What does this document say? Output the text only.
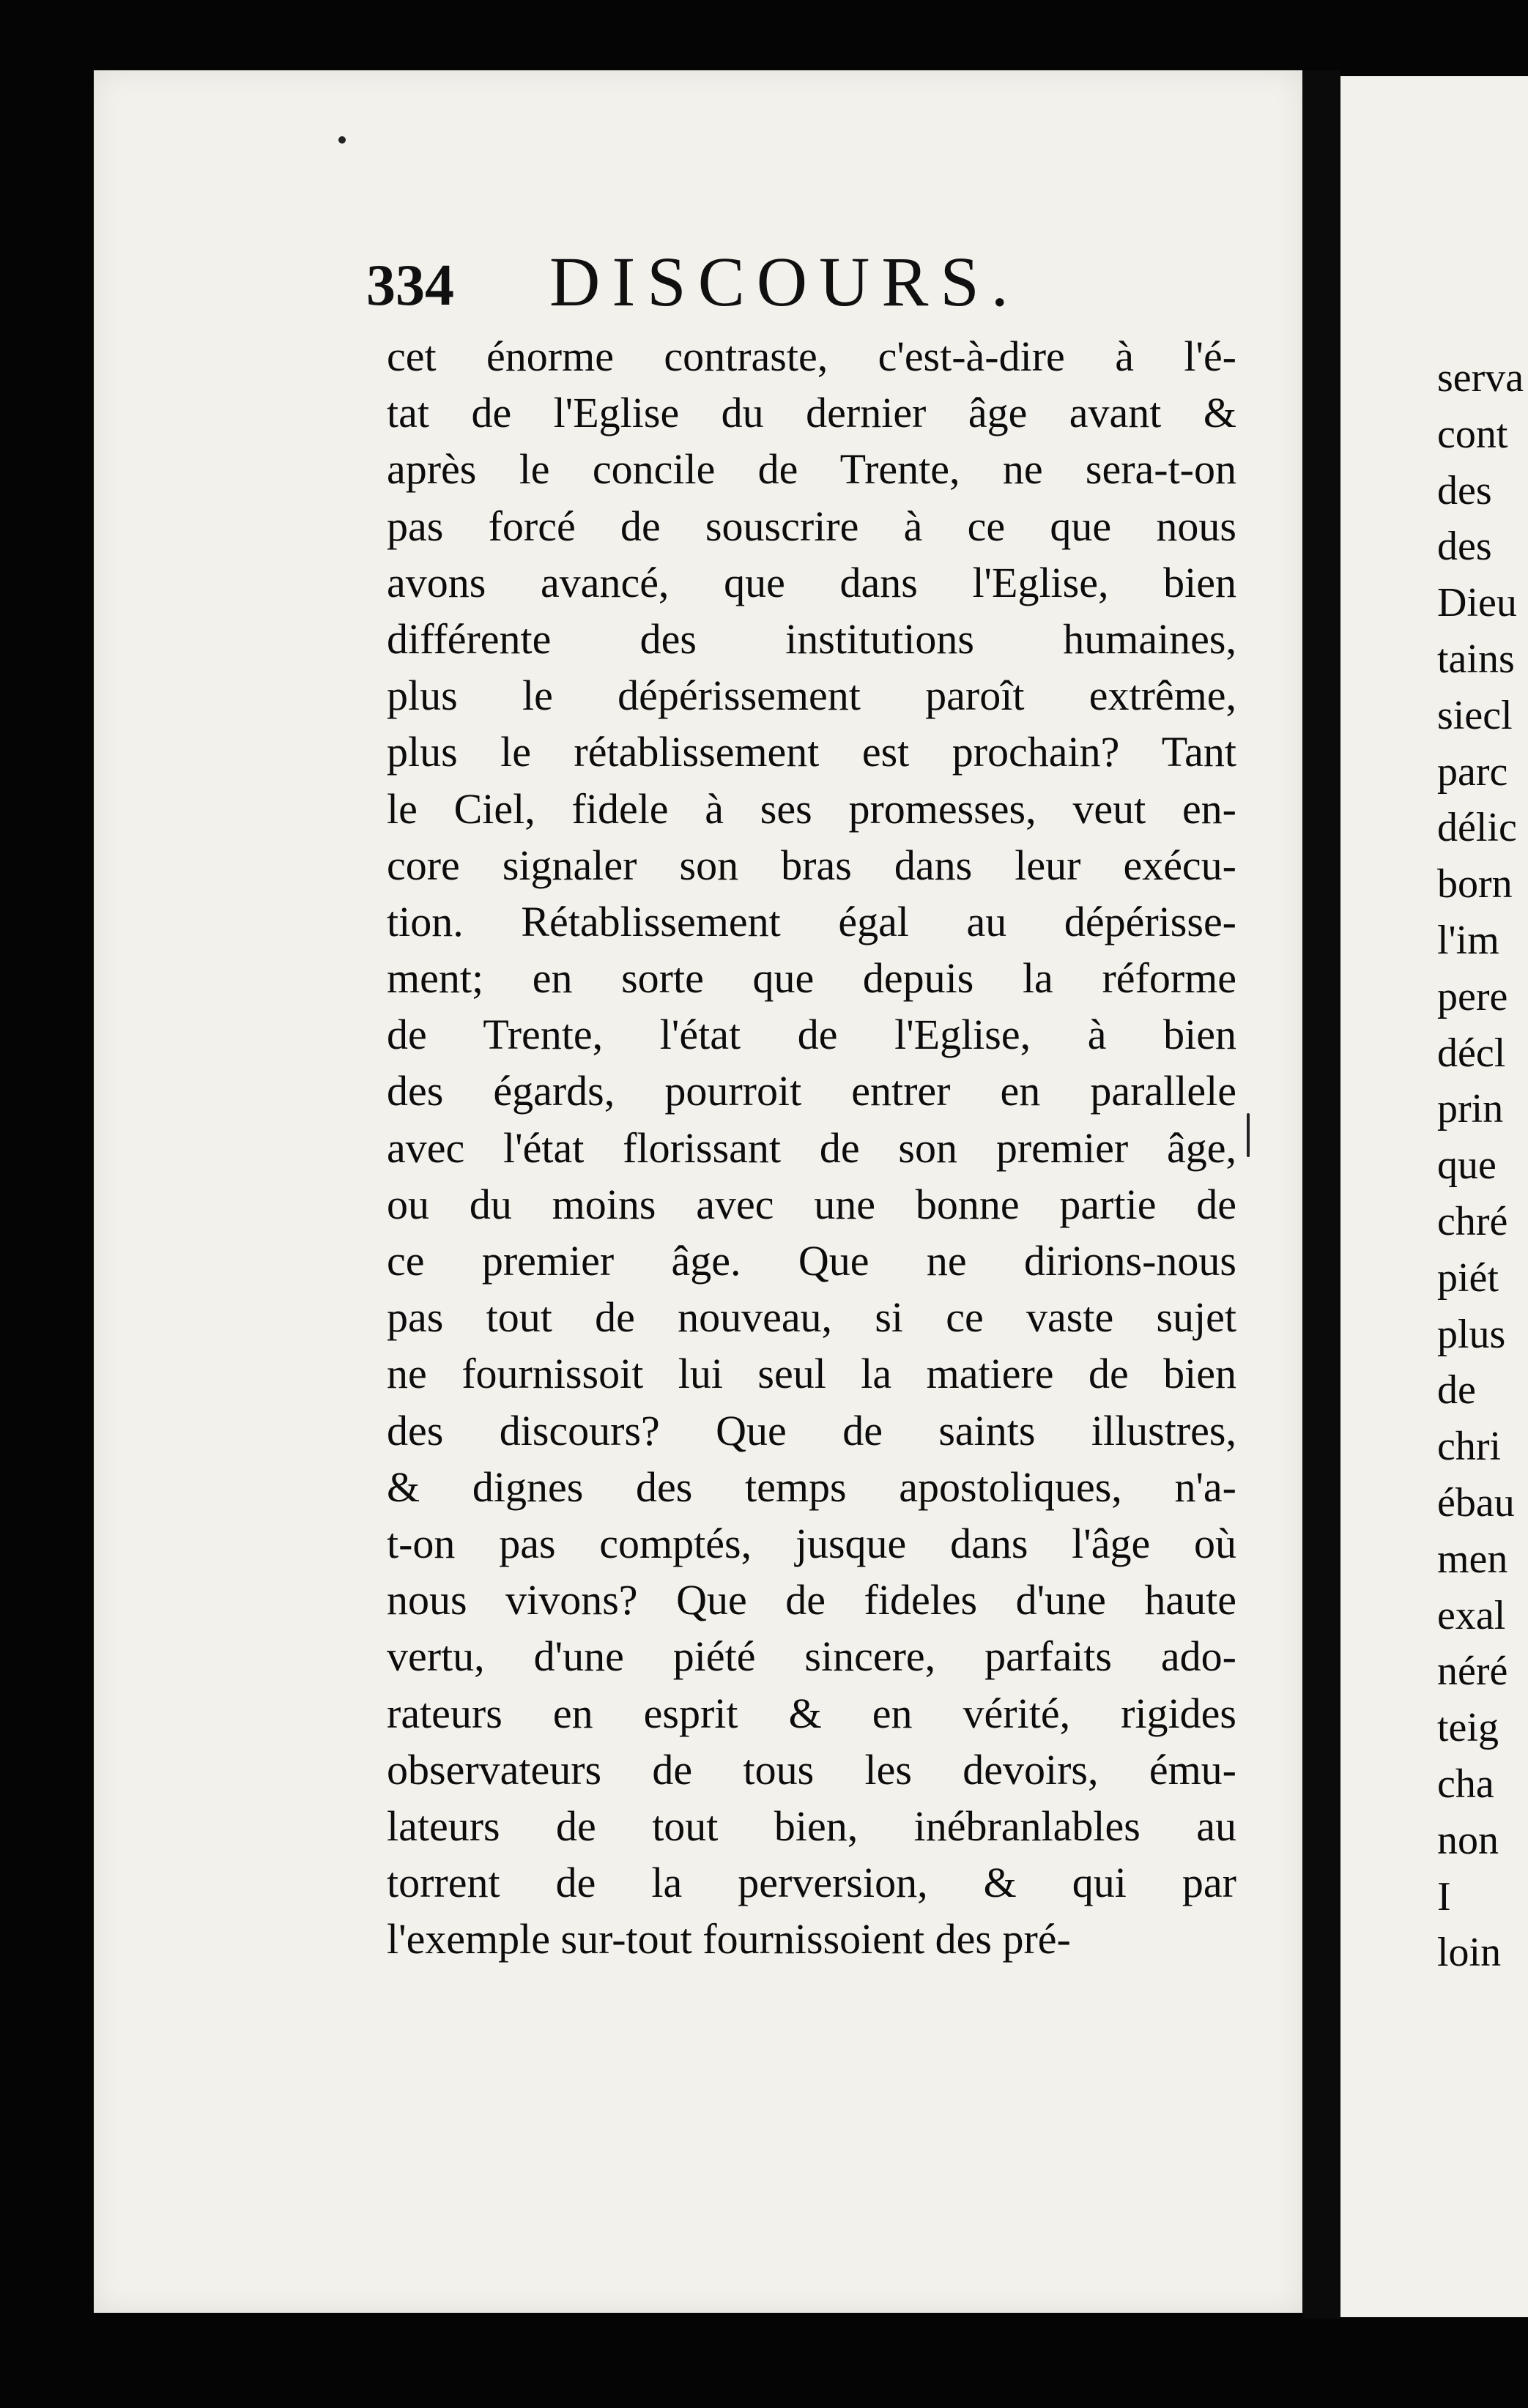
334 DISCOURS.
cet énorme contraste, c'est-à-dire à l'é-
tat de l'Eglise du dernier âge avant &
après le concile de Trente, ne sera-t-on
pas forcé de souscrire à ce que nous
avons avancé, que dans l'Eglise, bien
différente des institutions humaines,
plus le dépérissement paroît extrême,
plus le rétablissement est prochain? Tant
le Ciel, fidele à ses promesses, veut en-
core signaler son bras dans leur exécu-
tion. Rétablissement égal au dépérisse-
ment; en sorte que depuis la réforme
de Trente, l'état de l'Eglise, à bien
des égards, pourroit entrer en parallele
avec l'état florissant de son premier âge,
ou du moins avec une bonne partie de
ce premier âge. Que ne dirions-nous
pas tout de nouveau, si ce vaste sujet
ne fournissoit lui seul la matiere de bien
des discours? Que de saints illustres,
& dignes des temps apostoliques, n'a-
t-on pas comptés, jusque dans l'âge où
nous vivons? Que de fideles d'une haute
vertu, d'une piété sincere, parfaits ado-
rateurs en esprit & en vérité, rigides
observateurs de tous les devoirs, ému-
lateurs de tout bien, inébranlables au
torrent de la perversion, & qui par
l'exemple sur-tout fournissoient des pré-
serva
cont
des
des
Dieu
tains
siecl
parc
délic
born
l'im
pere
décl
prin
que
chré
piét
plus
de
chri
ébau
men
exal
néré
teig
cha
non
I
loin
